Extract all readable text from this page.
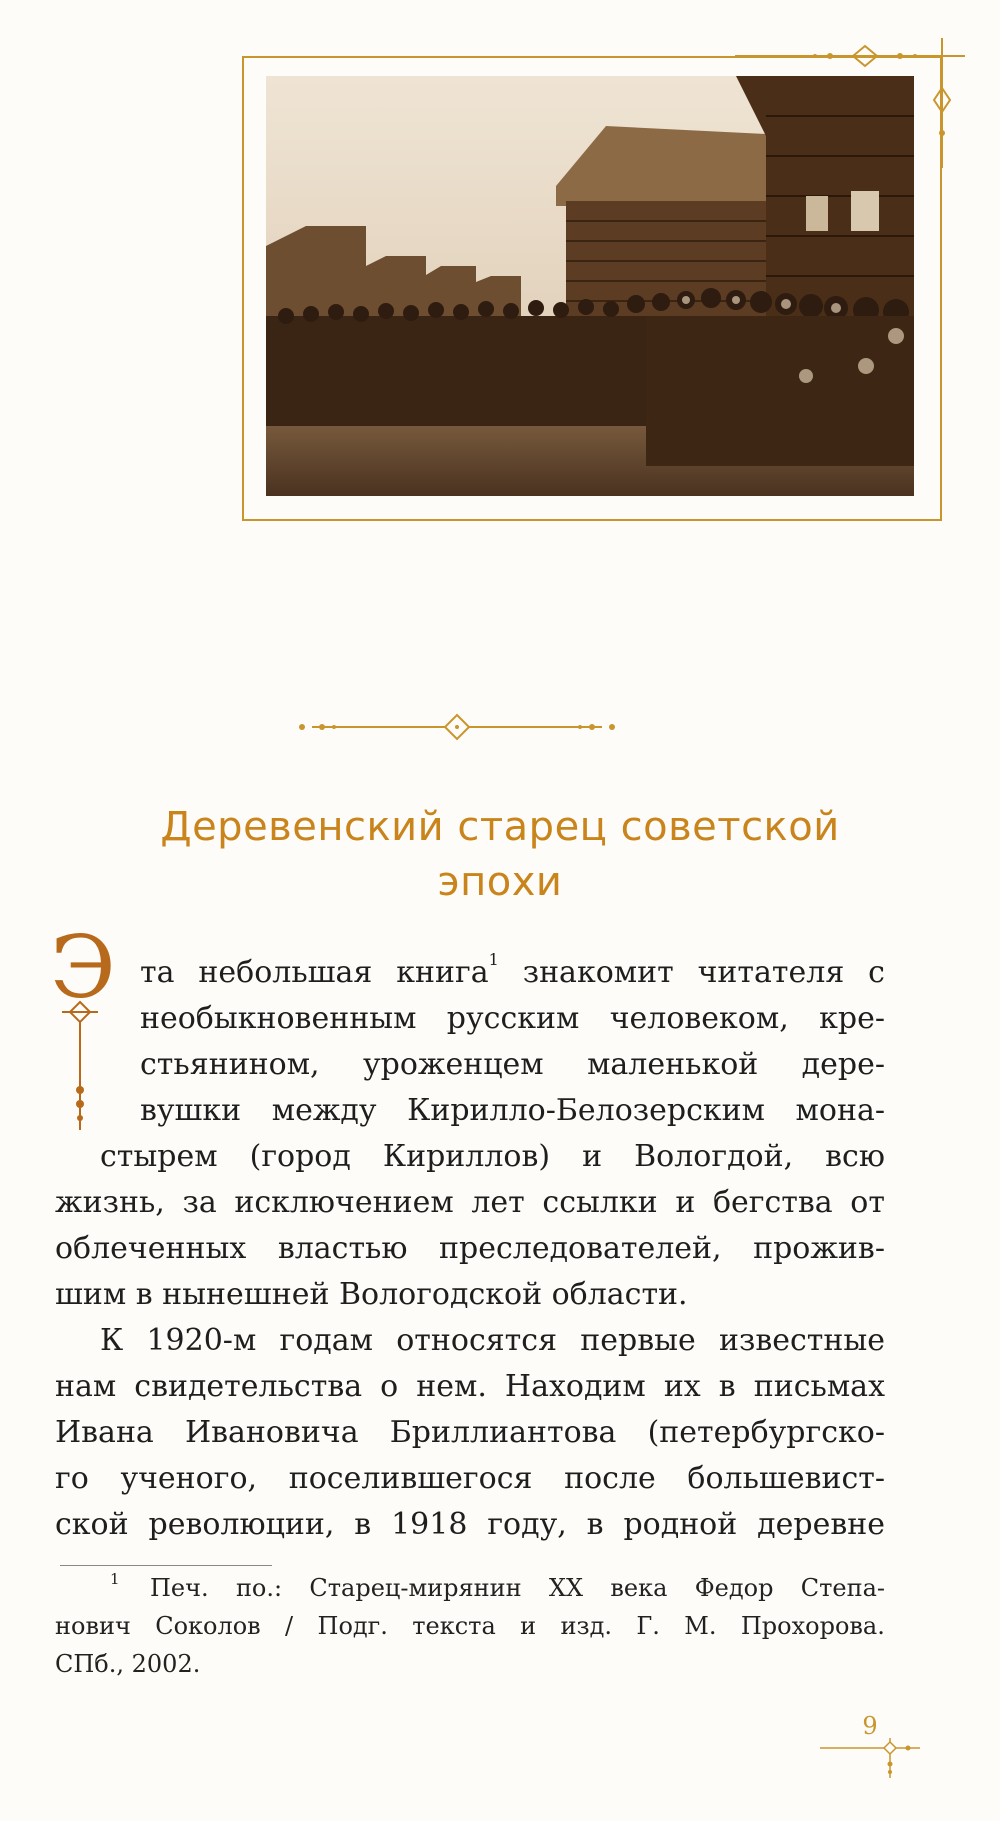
Деревенский старец советской
эпохи
Э та небольшая книга$^1$ знакомит читателя с
необыкновенным русским человеком, кре-
стьянином, уроженцем маленькой дере-
вушки между Кирилло-Белозерским мона-
стырем (город Кириллов) и Вологдой, всю
жизнь, за исключением лет ссылки и бегства от
облеченных властью преследователей, прожив-
шим в нынешней Вологодской области.
К 1920-м годам относятся первые известные
нам свидетельства о нем. Находим их в письмах
Ивана Ивановича Бриллиантова (петербургско-
го ученого, поселившегося после большевист-
ской революции, в 1918 году, в родной деревне
1 Печ. по.: Старец-мирянин XX века Федор Степа-
нович Соколов / Подг. текста и изд. Г. М. Прохорова.
СПб., 2002.
9
